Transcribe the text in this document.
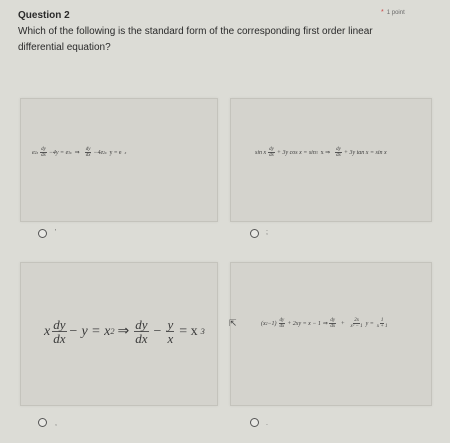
Question 2	* 1 point
Which of the following is the standard form of the corresponding first order linear differential equation?
e $2x \frac{dy}{dx} -4y = e$ 3x ⇒ $\frac{dy}{dx} -4e$ 2x y = e x
'
sin x $\frac{dy}{dx} + 3y$ cos x = sin 3 x ⇒ $\frac{dy}{dx} + 3y$ tan x = sin x
;
x $\frac{dy}{dx} - y = x$ 2 ⇒ $\frac{dy}{dx} - \frac{y}{x} = x$ 3
,
(x $2 -1) \frac{dy}{dx} + 2xy = x - 1$ ⇒ $\frac{dy}{dx} + \frac{2x}{\text{x² − 1}}$ $y = \frac{1}{x + 1}$
.
⇱
